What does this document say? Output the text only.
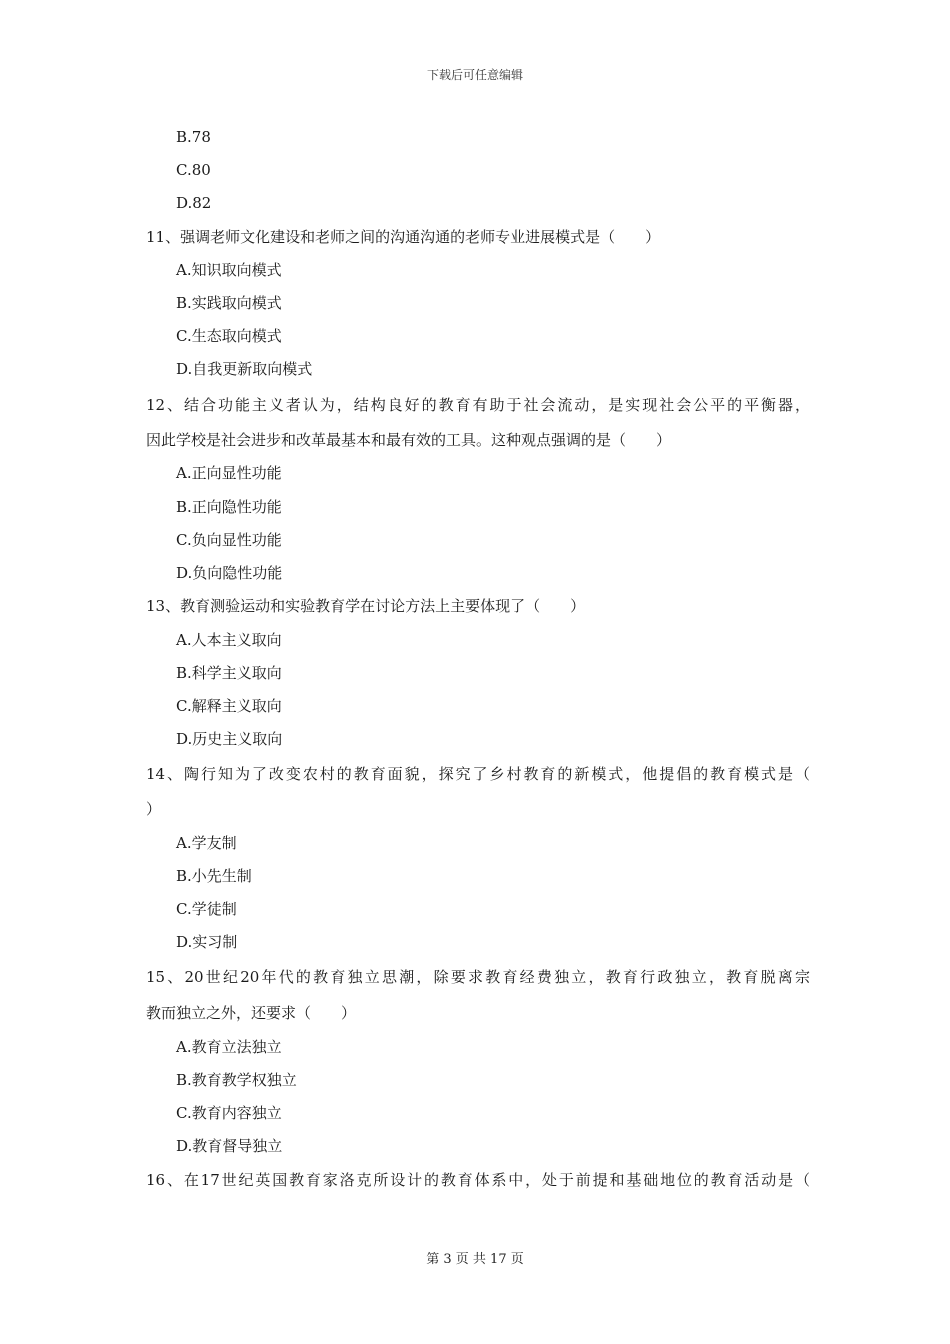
下载后可任意编辑
B.78
C.80
D.82
11、强调老师文化建设和老师之间的沟通沟通的老师专业进展模式是（　　）
A.知识取向模式
B.实践取向模式
C.生态取向模式
D.自我更新取向模式
12、结合功能主义者认为，结构良好的教育有助于社会流动，是实现社会公平的平衡器，
因此学校是社会进步和改革最基本和最有效的工具。这种观点强调的是（　　）
A.正向显性功能
B.正向隐性功能
C.负向显性功能
D.负向隐性功能
13、教育测验运动和实验教育学在讨论方法上主要体现了（　　）
A.人本主义取向
B.科学主义取向
C.解释主义取向
D.历史主义取向
14、陶行知为了改变农村的教育面貌，探究了乡村教育的新模式，他提倡的教育模式是（
）
A.学友制
B.小先生制
C.学徒制
D.实习制
15、20世纪20年代的教育独立思潮，除要求教育经费独立，教育行政独立，教育脱离宗
教而独立之外，还要求（　　）
A.教育立法独立
B.教育教学权独立
C.教育内容独立
D.教育督导独立
16、在17世纪英国教育家洛克所设计的教育体系中，处于前提和基础地位的教育活动是（
第 3 页 共 17 页
